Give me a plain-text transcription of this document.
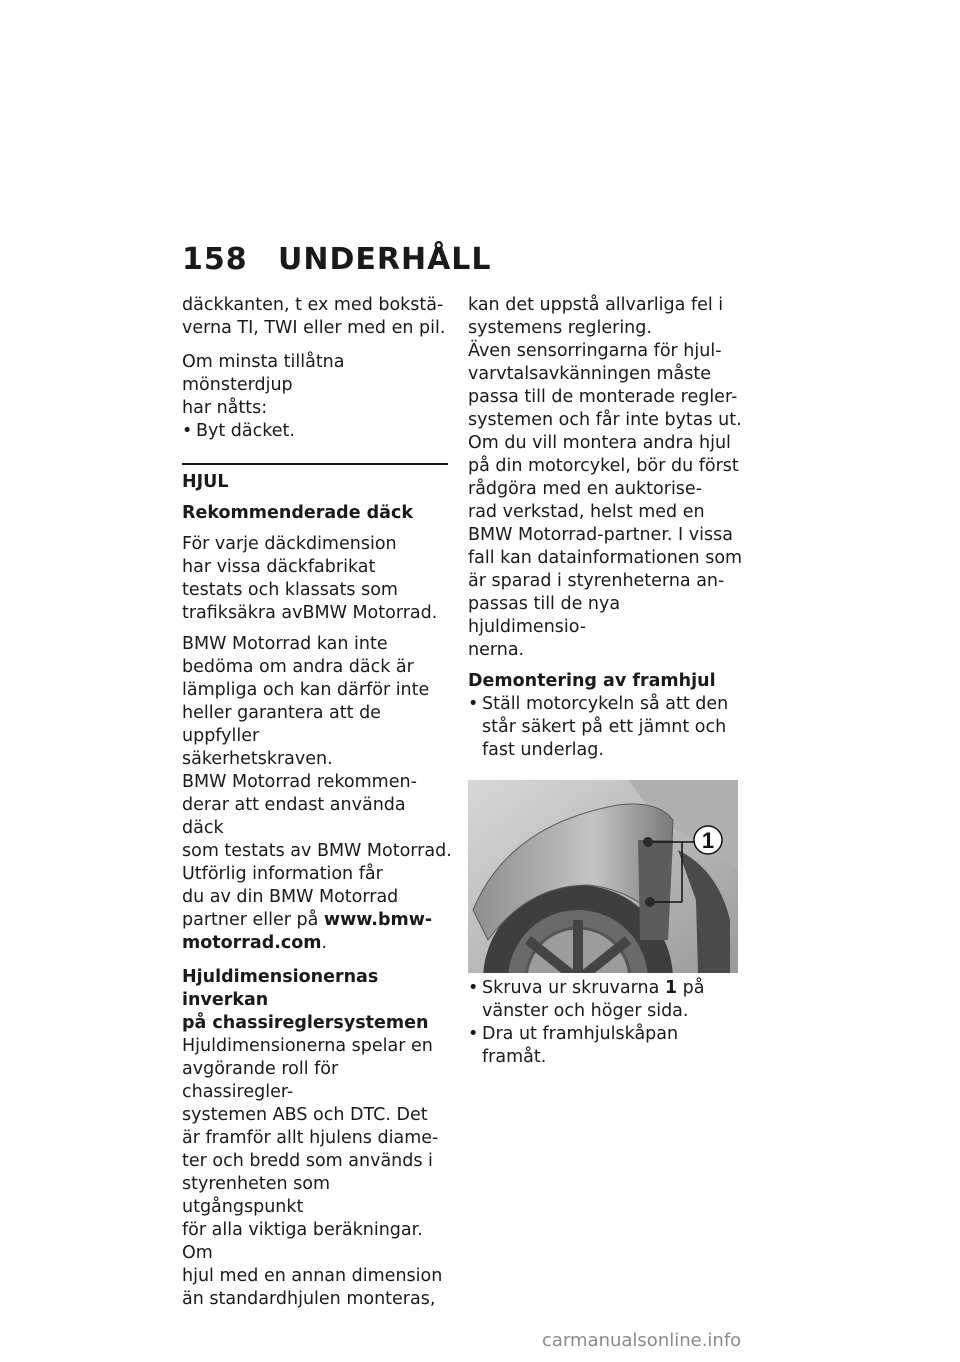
158 UNDERHÅLL

däckkanten, t ex med bokstä-
verna TI, TWI eller med en pil.

Om minsta tillåtna mönsterdjup
har nåtts:

• Byt däcket.

HJUL

Rekommenderade däck

För varje däckdimension
har vissa däckfabrikat
testats och klassats som
trafiksäkra avBMW Motorrad.

BMW Motorrad kan inte
bedöma om andra däck är
lämpliga och kan därför inte
heller garantera att de uppfyller
säkerhetskraven.

BMW Motorrad rekommen-
derar att endast använda däck
som testats av BMW Motorrad.

Utförlig information får
du av din BMW Motorrad
partner eller på www.bmw-
motorrad.com.

Hjuldimensionernas inverkan
på chassireglersystemen

Hjuldimensionerna spelar en
avgörande roll för chassiregler-
systemen ABS och DTC. Det
är framför allt hjulens diame-
ter och bredd som används i
styrenheten som utgångspunkt
för alla viktiga beräkningar. Om
hjul med en annan dimension
än standardhjulen monteras,

kan det uppstå allvarliga fel i
systemens reglering.

Även sensorringarna för hjul-
varvtalsavkänningen måste
passa till de monterade regler-
systemen och får inte bytas ut.

Om du vill montera andra hjul
på din motorcykel, bör du först
rådgöra med en auktorise-
rad verkstad, helst med en
BMW Motorrad-partner. I vissa
fall kan datainformationen som
är sparad i styrenheterna an-
passas till de nya hjuldimensio-
nerna.

Demontering av framhjul

• Ställ motorcykeln så att den
står säkert på ett jämnt och
fast underlag.

1

• Skruva ur skruvarna 1 på
vänster och höger sida.

• Dra ut framhjulskåpan framåt.

carmanualsonline.info
